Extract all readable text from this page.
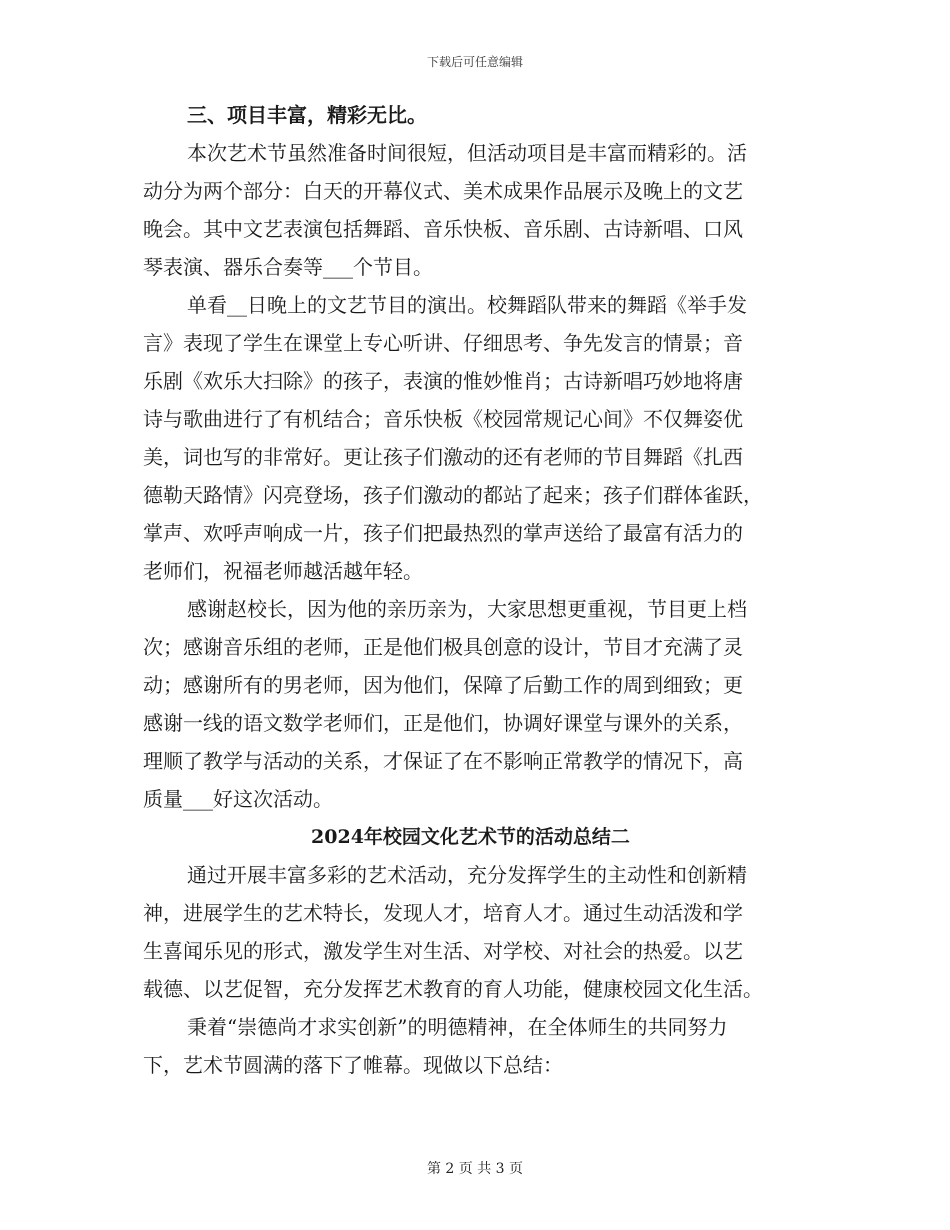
下载后可任意编辑
三、项目丰富，精彩无比。
本次艺术节虽然准备时间很短，但活动项目是丰富而精彩的。活
动分为两个部分：白天的开幕仪式、美术成果作品展示及晚上的文艺
晚会。其中文艺表演包括舞蹈、音乐快板、音乐剧、古诗新唱、口风
琴表演、器乐合奏等___个节目。
单看__日晚上的文艺节目的演出。校舞蹈队带来的舞蹈《举手发
言》表现了学生在课堂上专心听讲、仔细思考、争先发言的情景；音
乐剧《欢乐大扫除》的孩子，表演的惟妙惟肖；古诗新唱巧妙地将唐
诗与歌曲进行了有机结合；音乐快板《校园常规记心间》不仅舞姿优
美，词也写的非常好。更让孩子们激动的还有老师的节目舞蹈《扎西
德勒天路情》闪亮登场，孩子们激动的都站了起来；孩子们群体雀跃，
掌声、欢呼声响成一片，孩子们把最热烈的掌声送给了最富有活力的
老师们，祝福老师越活越年轻。
感谢赵校长，因为他的亲历亲为，大家思想更重视，节目更上档
次；感谢音乐组的老师，正是他们极具创意的设计，节目才充满了灵
动；感谢所有的男老师，因为他们，保障了后勤工作的周到细致；更
感谢一线的语文数学老师们，正是他们，协调好课堂与课外的关系，
理顺了教学与活动的关系，才保证了在不影响正常教学的情况下，高
质量___好这次活动。
2024年校园文化艺术节的活动总结二
通过开展丰富多彩的艺术活动，充分发挥学生的主动性和创新精
神，进展学生的艺术特长，发现人才，培育人才。通过生动活泼和学
生喜闻乐见的形式，激发学生对生活、对学校、对社会的热爱。以艺
载德、以艺促智，充分发挥艺术教育的育人功能，健康校园文化生活。
秉着“崇德尚才求实创新”的明德精神，在全体师生的共同努力
下，艺术节圆满的落下了帷幕。现做以下总结：
第 2 页 共 3 页
